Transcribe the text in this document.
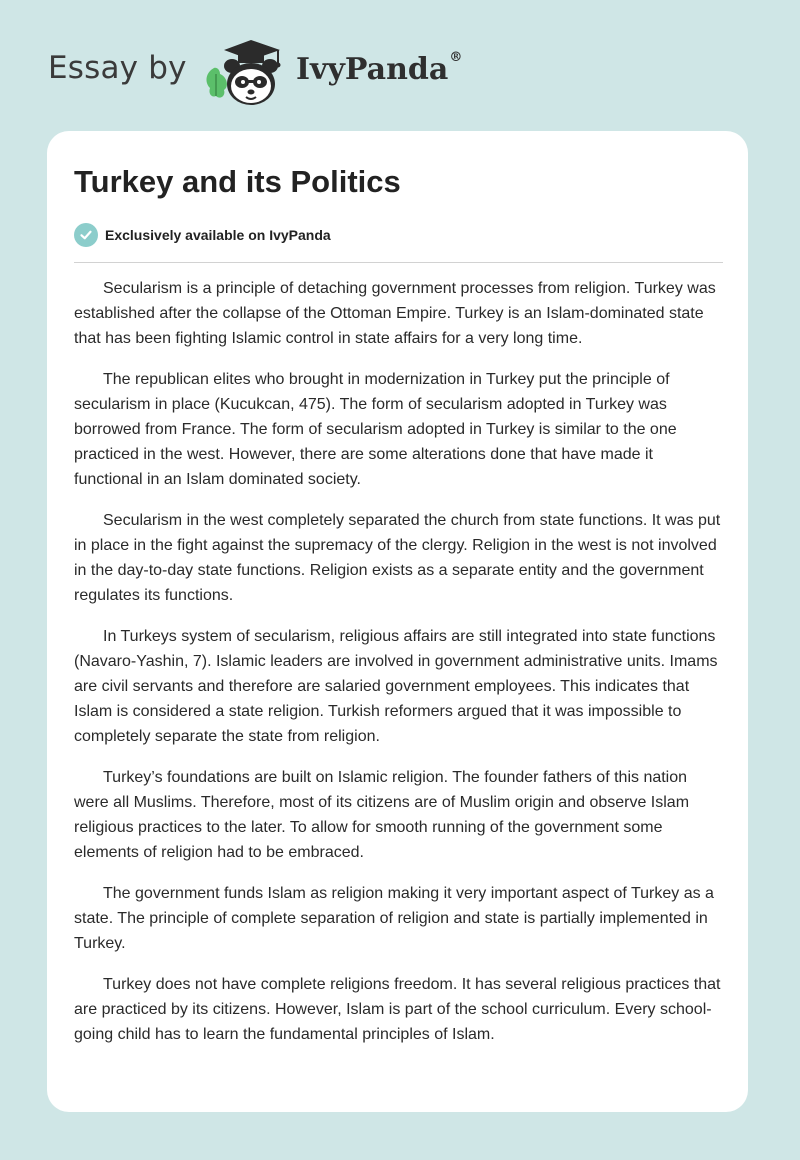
Essay by	IvyPanda®
Turkey and its Politics
Exclusively available on IvyPanda

Secularism is a principle of detaching government processes from religion. Turkey was established after the collapse of the Ottoman Empire. Turkey is an Islam-dominated state that has been fighting Islamic control in state affairs for a very long time.

The republican elites who brought in modernization in Turkey put the principle of secularism in place (Kucukcan, 475). The form of secularism adopted in Turkey was borrowed from France. The form of secularism adopted in Turkey is similar to the one practiced in the west. However, there are some alterations done that have made it functional in an Islam dominated society.

Secularism in the west completely separated the church from state functions. It was put in place in the fight against the supremacy of the clergy. Religion in the west is not involved in the day-to-day state functions. Religion exists as a separate entity and the government regulates its functions.

In Turkeys system of secularism, religious affairs are still integrated into state functions (Navaro-Yashin, 7). Islamic leaders are involved in government administrative units. Imams are civil servants and therefore are salaried government employees. This indicates that Islam is considered a state religion. Turkish reformers argued that it was impossible to completely separate the state from religion.

Turkey’s foundations are built on Islamic religion. The founder fathers of this nation were all Muslims. Therefore, most of its citizens are of Muslim origin and observe Islam religious practices to the later. To allow for smooth running of the government some elements of religion had to be embraced.

The government funds Islam as religion making it very important aspect of Turkey as a state. The principle of complete separation of religion and state is partially implemented in Turkey.

Turkey does not have complete religions freedom. It has several religious practices that are practiced by its citizens. However, Islam is part of the school curriculum. Every school-going child has to learn the fundamental principles of Islam.
